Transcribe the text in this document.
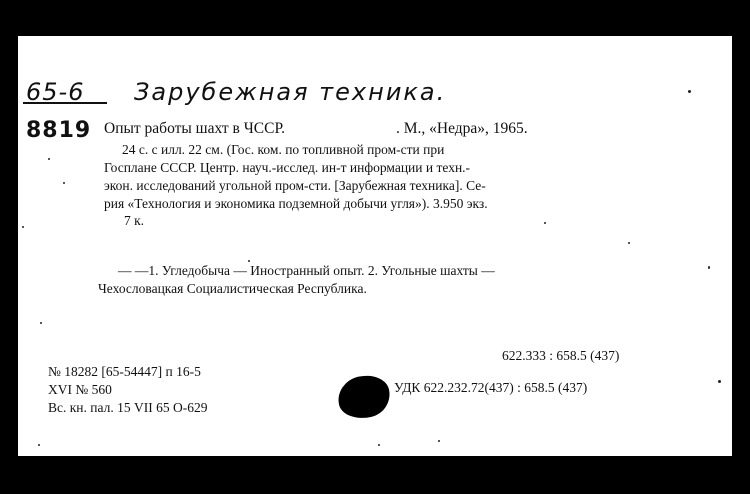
65-6 Зарубежная техника.
8819 Опыт работы шахт в ЧССР.	. М., «Недра», 1965.
24 с. с илл. 22 см. (Гос. ком. по топливной пром-сти при
Госплане СССР. Центр. науч.-исслед. ин-т информации и техн.-
экон. исследований угольной пром-сти. [Зарубежная техника]. Се-
рия «Технология и экономика подземной добычи угля»). 3.950 экз.
7 к.
— —1. Угледобыча — Иностранный опыт. 2. Угольные шахты —
Чехословацкая Социалистическая Республика.
622.333 : 658.5 (437)
№ 18282 [65-54447] п 16-5
XVI № 560
Вс. кн. пал. 15 VII 65 О-629
УДК 622.232.72(437) : 658.5 (437)
